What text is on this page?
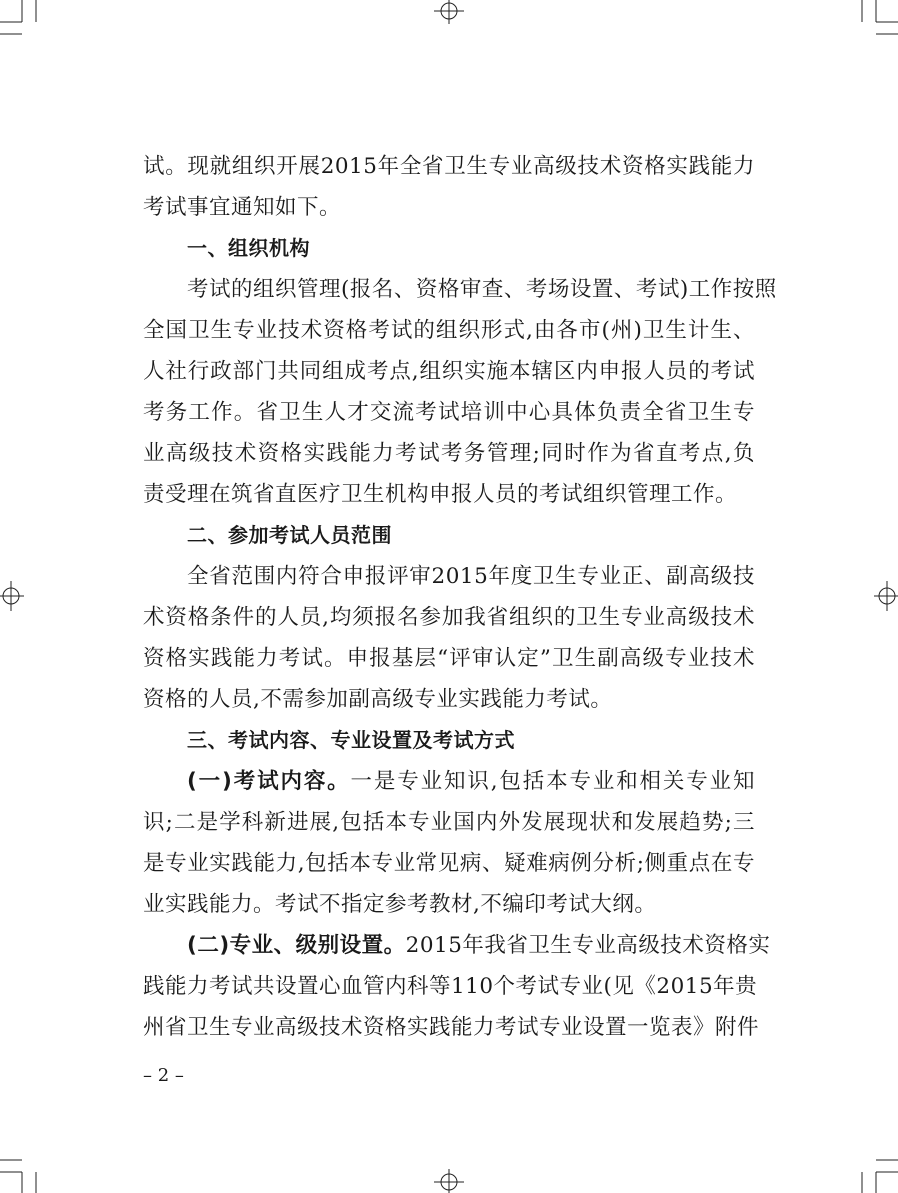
试。现就组织开展2015年全省卫生专业高级技术资格实践能力
考试事宜通知如下。
一、组织机构
考试的组织管理(报名、资格审查、考场设置、考试)工作按照
全国卫生专业技术资格考试的组织形式,由各市(州)卫生计生、
人社行政部门共同组成考点,组织实施本辖区内申报人员的考试
考务工作。省卫生人才交流考试培训中心具体负责全省卫生专
业高级技术资格实践能力考试考务管理;同时作为省直考点,负
责受理在筑省直医疗卫生机构申报人员的考试组织管理工作。
二、参加考试人员范围
全省范围内符合申报评审2015年度卫生专业正、副高级技
术资格条件的人员,均须报名参加我省组织的卫生专业高级技术
资格实践能力考试。申报基层“评审认定”卫生副高级专业技术
资格的人员,不需参加副高级专业实践能力考试。
三、考试内容、专业设置及考试方式
(一)考试内容。一是专业知识,包括本专业和相关专业知
识;二是学科新进展,包括本专业国内外发展现状和发展趋势;三
是专业实践能力,包括本专业常见病、疑难病例分析;侧重点在专
业实践能力。考试不指定参考教材,不编印考试大纲。
(二)专业、级别设置。2015年我省卫生专业高级技术资格实
践能力考试共设置心血管内科等110个考试专业(见《2015年贵
州省卫生专业高级技术资格实践能力考试专业设置一览表》附件
– 2 –
